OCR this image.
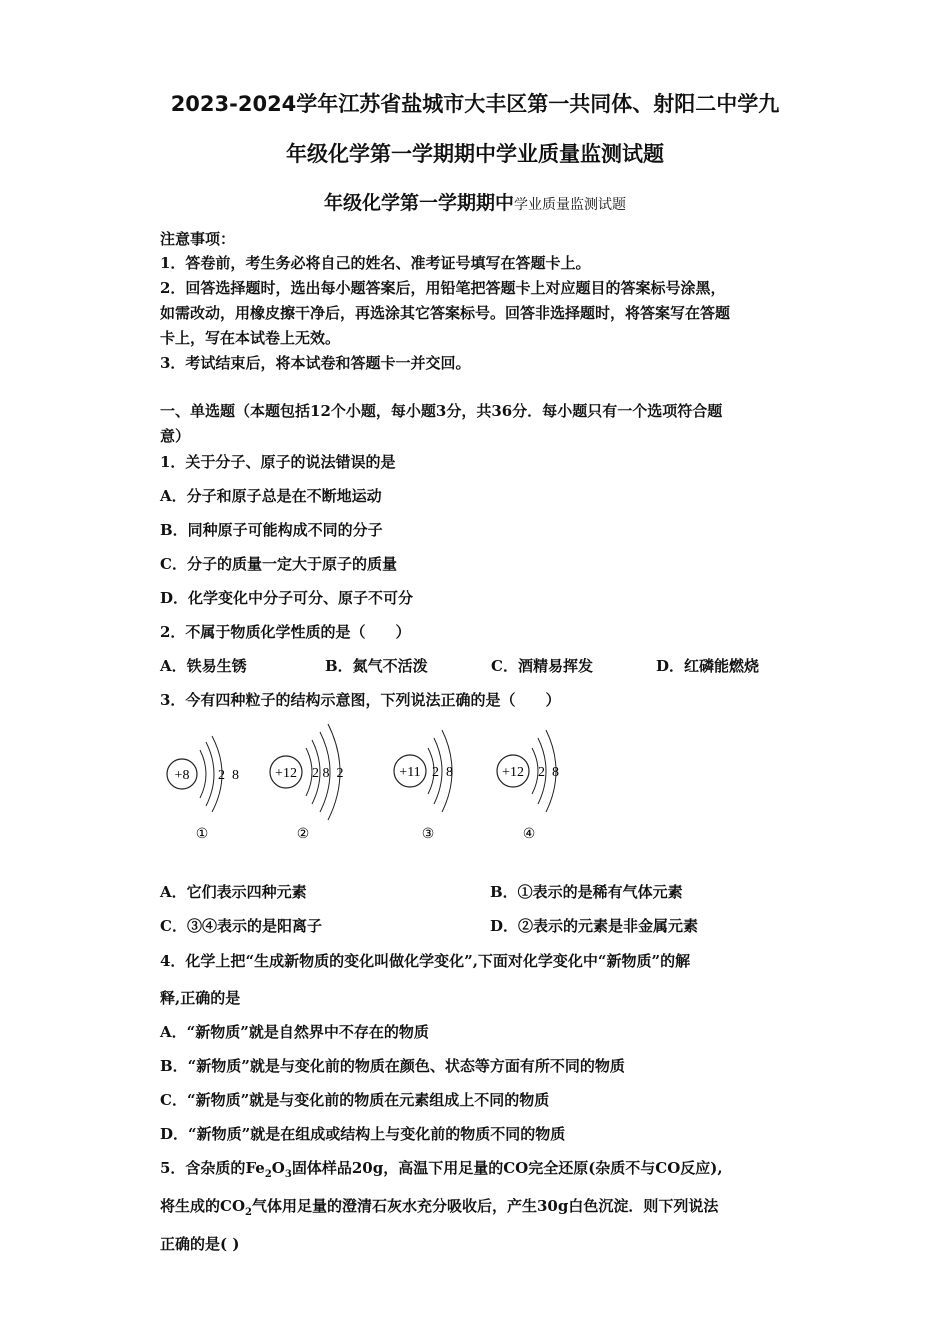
2023-2024学年江苏省盐城市大丰区第一共同体、射阳二中学九
年级化学第一学期期中学业质量监测试题
年级化学第一学期期中学业质量监测试题
注意事项：
1．答卷前，考生务必将自己的姓名、准考证号填写在答题卡上。
2．回答选择题时，选出每小题答案后，用铅笔把答题卡上对应题目的答案标号涂黑，
如需改动，用橡皮擦干净后，再选涂其它答案标号。回答非选择题时，将答案写在答题
卡上，写在本试卷上无效。
3．考试结束后，将本试卷和答题卡一并交回。
一、单选题（本题包括12个小题，每小题3分，共36分．每小题只有一个选项符合题
意）
1．关于分子、原子的说法错误的是
A．分子和原子总是在不断地运动
B．同种原子可能构成不同的分子
C．分子的质量一定大于原子的质量
D．化学变化中分子可分、原子不可分
2．不属于物质化学性质的是（　　）
A．铁易生锈	B．氮气不活泼	C．酒精易挥发	D．红磷能燃烧
3．今有四种粒子的结构示意图，下列说法正确的是（　　）
+8 2  8
①
+12 2 8  2
②
+11 2  8
③
+12 2  8
④
A．它们表示四种元素	B．①表示的是稀有气体元素
C．③④表示的是阳离子	D．②表示的元素是非金属元素
4．化学上把“生成新物质的变化叫做化学变化”,下面对化学变化中“新物质”的解
释,正确的是
A．“新物质”就是自然界中不存在的物质
B．“新物质”就是与变化前的物质在颜色、状态等方面有所不同的物质
C．“新物质”就是与变化前的物质在元素组成上不同的物质
D．“新物质”就是在组成或结构上与变化前的物质不同的物质
5．含杂质的$Fe_2O_3$固体样品20g，高温下用足量的CO完全还原(杂质不与CO反应),
将生成的$CO_2$气体用足量的澄清石灰水充分吸收后，产生30g白色沉淀．则下列说法
正确的是( )
